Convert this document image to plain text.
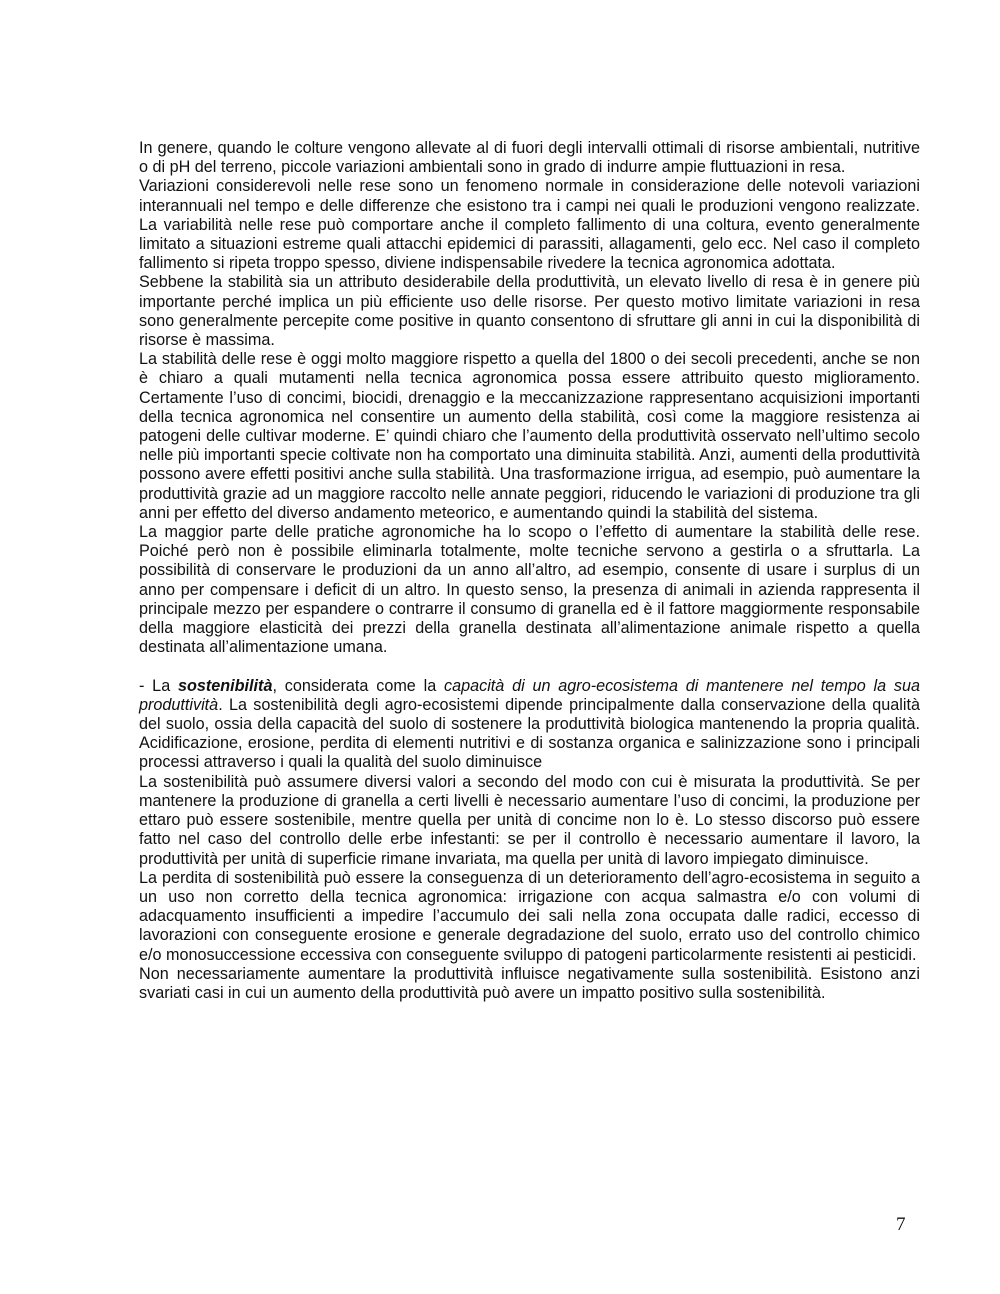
In genere, quando le colture vengono allevate al di fuori degli intervalli ottimali di risorse ambientali, nutritive o di pH del terreno, piccole variazioni ambientali sono in grado di indurre ampie fluttuazioni in resa.

Variazioni considerevoli nelle rese sono un fenomeno normale in considerazione delle notevoli variazioni interannuali nel tempo e delle differenze che esistono tra i campi nei quali le produzioni vengono realizzate. La variabilità nelle rese può comportare anche il completo fallimento di una coltura, evento generalmente limitato a situazioni estreme quali attacchi epidemici di parassiti, allagamenti, gelo ecc. Nel caso il completo fallimento si ripeta troppo spesso, diviene indispensabile rivedere la tecnica agronomica adottata.

Sebbene la stabilità sia un attributo desiderabile della produttività, un elevato livello di resa è in genere più importante perché implica un più efficiente uso delle risorse. Per questo motivo limitate variazioni in resa sono generalmente percepite come positive in quanto consentono di sfruttare gli anni in cui la disponibilità di risorse è massima.

La stabilità delle rese è oggi molto maggiore rispetto a quella del 1800 o dei secoli precedenti, anche se non è chiaro a quali mutamenti nella tecnica agronomica possa essere attribuito questo miglioramento. Certamente l’uso di concimi, biocidi, drenaggio e la meccanizzazione rappresentano acquisizioni importanti della tecnica agronomica nel consentire un aumento della stabilità, così come la maggiore resistenza ai patogeni delle cultivar moderne. E’ quindi chiaro che l’aumento della produttività osservato nell’ultimo secolo nelle più importanti specie coltivate non ha comportato una diminuita stabilità. Anzi, aumenti della produttività possono avere effetti positivi anche sulla stabilità. Una trasformazione irrigua, ad esempio, può aumentare la produttività grazie ad un maggiore raccolto nelle annate peggiori, riducendo le variazioni di produzione tra gli anni per effetto del diverso andamento meteorico, e aumentando quindi la stabilità del sistema.

La maggior parte delle pratiche agronomiche ha lo scopo o l’effetto di aumentare la stabilità delle rese. Poiché però non è possibile eliminarla totalmente, molte tecniche servono a gestirla o a sfruttarla. La possibilità di conservare le produzioni da un anno all’altro, ad esempio, consente di usare i surplus di un anno per compensare i deficit di un altro. In questo senso, la presenza di animali in azienda rappresenta il principale mezzo per espandere o contrarre il consumo di granella ed è il fattore maggiormente responsabile della maggiore elasticità dei prezzi della granella destinata all’alimentazione animale rispetto a quella destinata all’alimentazione umana.

- La sostenibilità, considerata come la capacità di un agro-ecosistema di mantenere nel tempo la sua produttività. La sostenibilità degli agro-ecosistemi dipende principalmente dalla conservazione della qualità del suolo, ossia della capacità del suolo di sostenere la produttività biologica mantenendo la propria qualità. Acidificazione, erosione, perdita di elementi nutritivi e di sostanza organica e salinizzazione sono i principali processi attraverso i quali la qualità del suolo diminuisce

La sostenibilità può assumere diversi valori a secondo del modo con cui è misurata la produttività. Se per mantenere la produzione di granella a certi livelli è necessario aumentare l’uso di concimi, la produzione per ettaro può essere sostenibile, mentre quella per unità di concime non lo è. Lo stesso discorso può essere fatto nel caso del controllo delle erbe infestanti: se per il controllo è necessario aumentare il lavoro, la produttività per unità di superficie rimane invariata, ma quella per unità di lavoro impiegato diminuisce.

La perdita di sostenibilità può essere la conseguenza di un deterioramento dell’agro-ecosistema in seguito a un uso non corretto della tecnica agronomica: irrigazione con acqua salmastra e/o con volumi di adacquamento insufficienti a impedire l’accumulo dei sali nella zona occupata dalle radici, eccesso di lavorazioni con conseguente erosione e generale degradazione del suolo, errato uso del controllo chimico e/o monosuccessione eccessiva con conseguente sviluppo di patogeni particolarmente resistenti ai pesticidi.

Non necessariamente aumentare la produttività influisce negativamente sulla sostenibilità. Esistono anzi svariati casi in cui un aumento della produttività può avere un impatto positivo sulla sostenibilità.

7
